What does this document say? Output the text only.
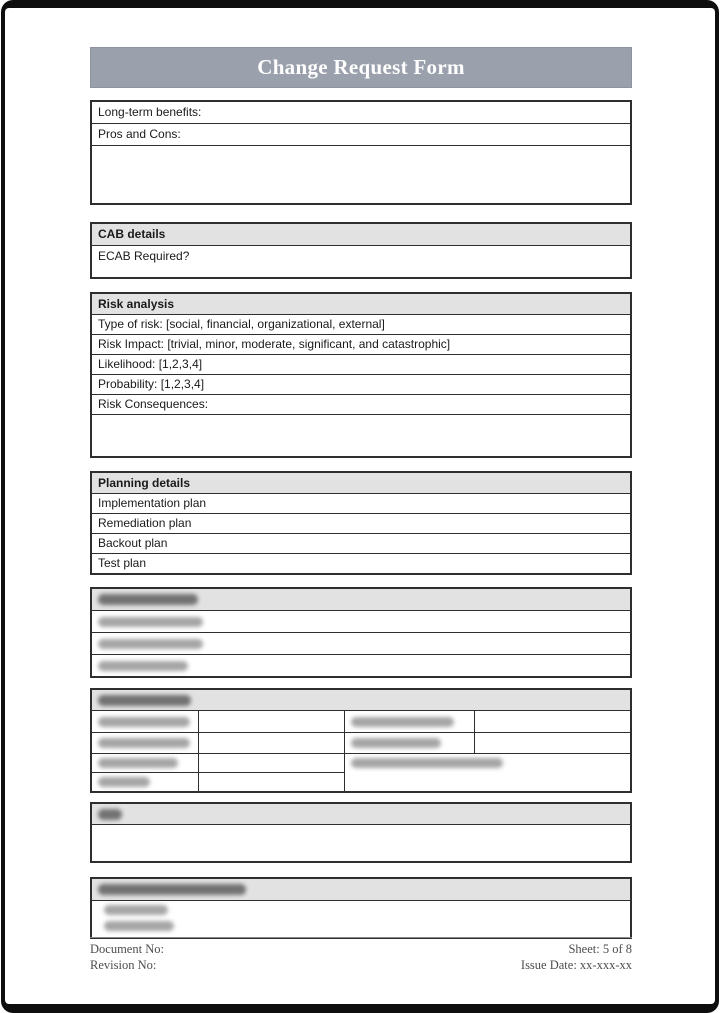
Change Request Form
Long-term benefits:
Pros and Cons:
CAB details
ECAB Required?
Risk analysis
Type of risk: [social, financial, organizational, external]
Risk Impact: [trivial, minor, moderate, significant, and catastrophic]
Likelihood: [1,2,3,4]
Probability: [1,2,3,4]
Risk Consequences:
Planning details
Implementation plan
Remediation plan
Backout plan
Test plan
Document No:
Revision No:
Sheet: 5 of 8
Issue Date: xx-xxx-xx
